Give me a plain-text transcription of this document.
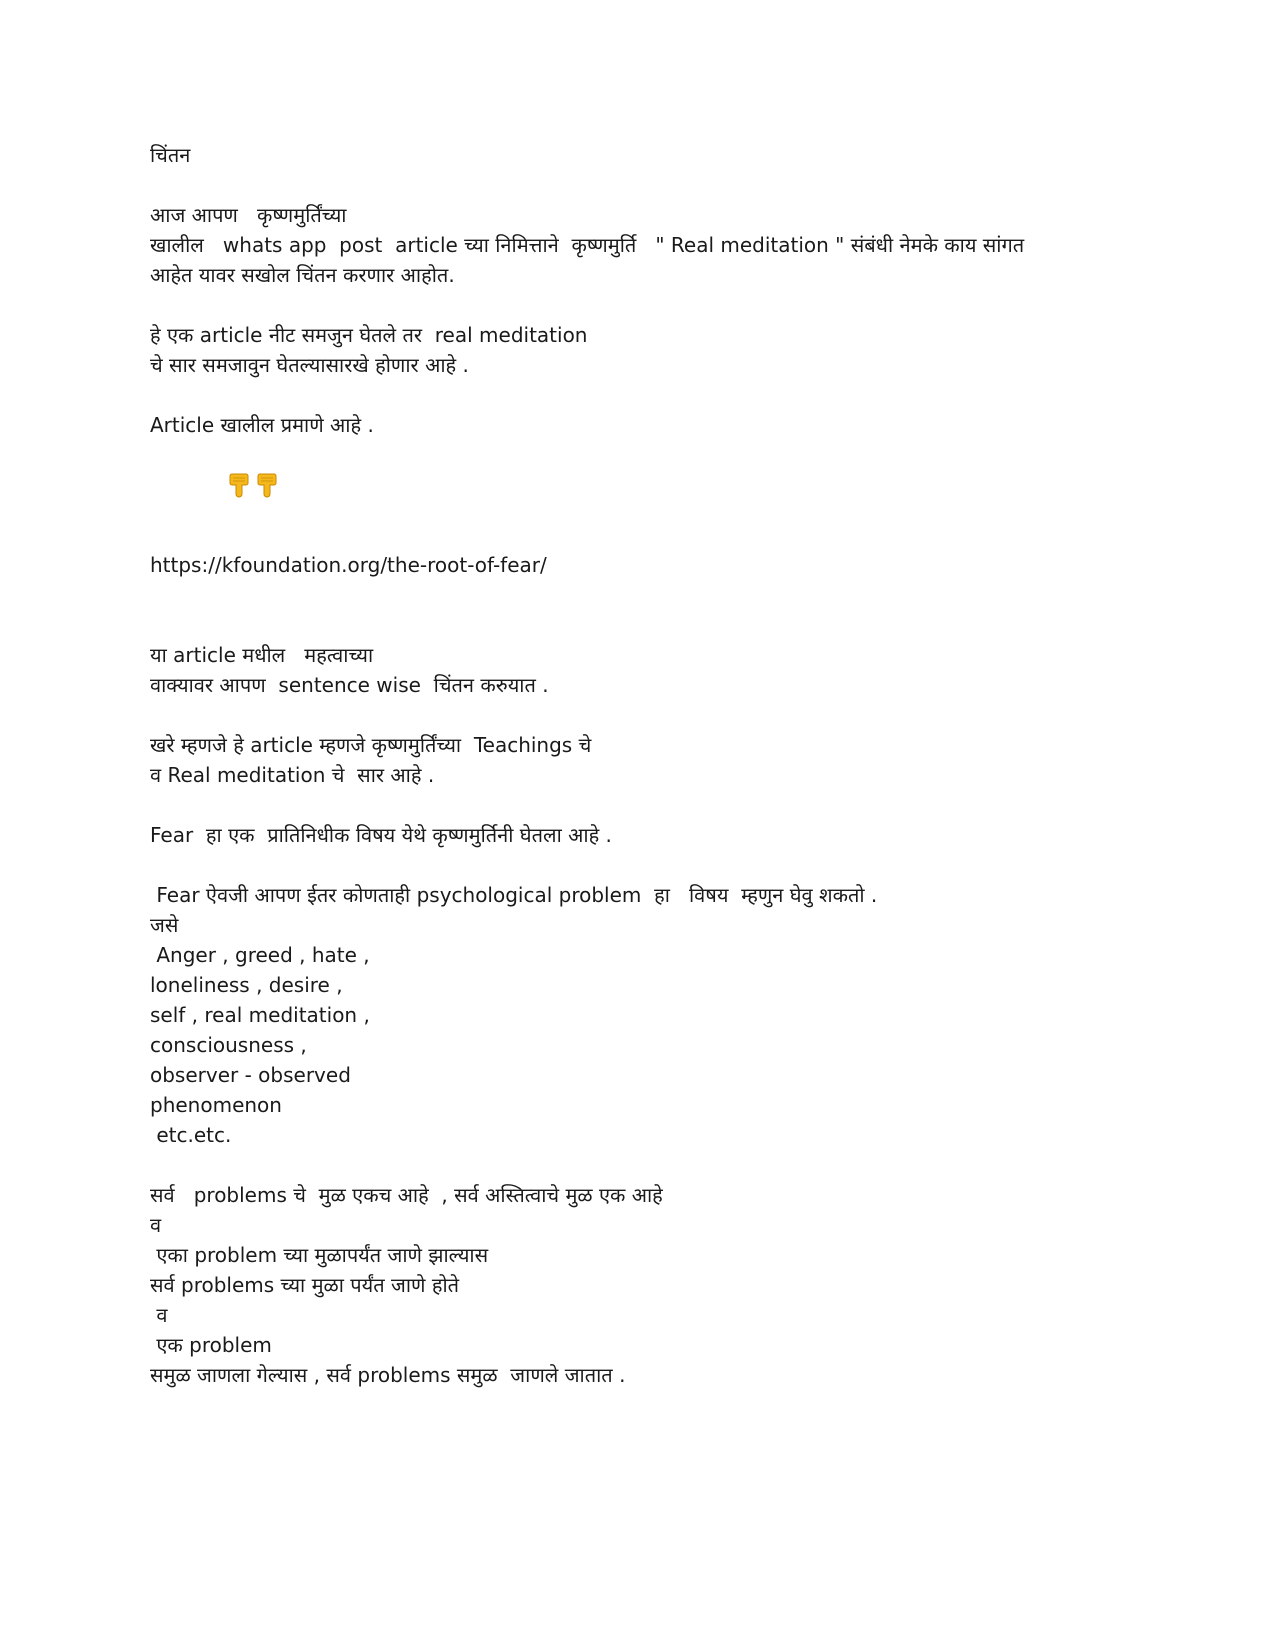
चिंतन
आज आपण   कृष्णमुर्तिंच्या
खालील   whats app  post  article च्या निमित्ताने  कृष्णमुर्ति   " Real meditation " संबंधी नेमके काय सांगत
आहेत यावर सखोल चिंतन करणार आहोत.
हे एक article नीट समजुन घेतले तर  real meditation
चे सार समजावुन घेतल्यासारखे होणार आहे .
Article खालील प्रमाणे आहे .
https://kfoundation.org/the-root-of-fear/
या article मधील   महत्वाच्या
वाक्यावर आपण  sentence wise  चिंतन करुयात .
खरे म्हणजे हे article म्हणजे कृष्णमुर्तिंच्या  Teachings चे
व Real meditation चे  सार आहे .
Fear  हा एक  प्रातिनिधीक विषय येथे कृष्णमुर्तिनी घेतला आहे .
Fear ऐवजी आपण ईतर कोणताही psychological problem  हा   विषय  म्हणुन घेवु शकतो .
जसे
Anger , greed , hate ,
loneliness , desire ,
self , real meditation ,
consciousness ,
observer - observed
phenomenon
etc.etc.
सर्व   problems चे  मुळ एकच आहे  , सर्व अस्तित्वाचे मुळ एक आहे
व
एका problem च्या मुळापर्यंत जाणे झाल्यास
सर्व problems च्या मुळा पर्यंत जाणे होते
व
एक problem
समुळ जाणला गेल्यास , सर्व problems समुळ  जाणले जातात .
